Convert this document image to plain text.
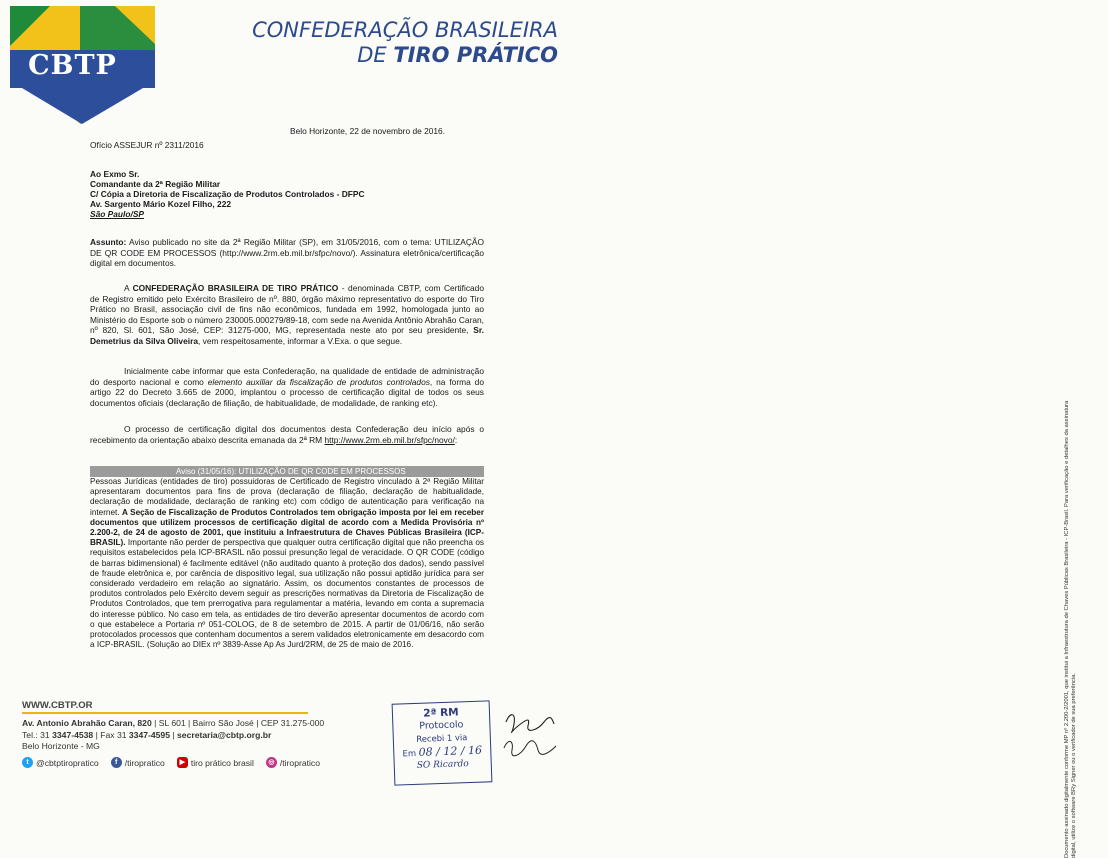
CBTP
CONFEDERAÇÃO BRASILEIRA
DE TIRO PRÁTICO
Belo Horizonte, 22 de novembro de 2016.
Ofício ASSEJUR nº 2311/2016
Ao Exmo Sr.
Comandante da 2ª Região Militar
C/ Cópia a Diretoria de Fiscalização de Produtos Controlados - DFPC
Av. Sargento Mário Kozel Filho, 222
São Paulo/SP
Assunto: Aviso publicado no site da 2ª Região Militar (SP), em 31/05/2016, com o tema: UTILIZAÇÃO DE QR CODE EM PROCESSOS (http://www.2rm.eb.mil.br/sfpc/novo/). Assinatura eletrônica/certificação digital em documentos.
A CONFEDERAÇÃO BRASILEIRA DE TIRO PRÁTICO - denominada CBTP, com Certificado de Registro emitido pelo Exército Brasileiro de nº. 880, órgão máximo representativo do esporte do Tiro Prático no Brasil, associação civil de fins não econômicos, fundada em 1992, homologada junto ao Ministério do Esporte sob o número 230005.000279/89-18, com sede na Avenida Antônio Abrahão Caran, nº 820, Sl. 601, São José, CEP: 31275-000, MG, representada neste ato por seu presidente, Sr. Demetrius da Silva Oliveira, vem respeitosamente, informar a V.Exa. o que segue.
Inicialmente cabe informar que esta Confederação, na qualidade de entidade de administração do desporto nacional e como elemento auxiliar da fiscalização de produtos controlados, na forma do artigo 22 do Decreto 3.665 de 2000, implantou o processo de certificação digital de todos os seus documentos oficiais (declaração de filiação, de habitualidade, de modalidade, de ranking etc).
O processo de certificação digital dos documentos desta Confederação deu início após o recebimento da orientação abaixo descrita emanada da 2ª RM http://www.2rm.eb.mil.br/sfpc/novo/:
Aviso (31/05/16): UTILIZAÇÃO DE QR CODE EM PROCESSOS
Pessoas Jurídicas (entidades de tiro) possuidoras de Certificado de Registro vinculado à 2ª Região Militar apresentaram documentos para fins de prova (declaração de filiação, declaração de habitualidade, declaração de modalidade, declaração de ranking etc) com código de autenticação para verificação na internet. A Seção de Fiscalização de Produtos Controlados tem obrigação imposta por lei em receber documentos que utilizem processos de certificação digital de acordo com a Medida Provisória nº 2.200-2, de 24 de agosto de 2001, que instituiu a Infraestrutura de Chaves Públicas Brasileira (ICP-BRASIL). Importante não perder de perspectiva que qualquer outra certificação digital que não preencha os requisitos estabelecidos pela ICP-BRASIL não possui presunção legal de veracidade. O QR CODE (código de barras bidimensional) é facilmente editável (não auditado quanto à proteção dos dados), sendo passível de fraude eletrônica e, por carência de dispositivo legal, sua utilização não possui aptidão jurídica para ser considerado verdadeiro em relação ao signatário. Assim, os documentos constantes de processos de produtos controlados pelo Exército devem seguir as prescrições normativas da Diretoria de Fiscalização de Produtos Controlados, que tem prerrogativa para regulamentar a matéria, levando em conta a supremacia do interesse público. No caso em tela, as entidades de tiro deverão apresentar documentos de acordo com o que estabelece a Portaria nº 051-COLOG, de 8 de setembro de 2015. A partir de 01/06/16, não serão protocolados processos que contenham documentos a serem validados eletronicamente em desacordo com a ICP-BRASIL. (Solução ao DIEx nº 3839-Asse Ap As Jurd/2RM, de 25 de maio de 2016.
WWW.CBTP.OR
Av. Antonio Abrahão Caran, 820 | SL 601 | Bairro São José | CEP 31.275-000
Tel.: 31 3347-4538 | Fax 31 3347-4595 | secretaria@cbtp.org.br
Belo Horizonte - MG
t @cbtptiropratico	f /tiropratico	▶ tiro prático brasil	◎ /tiropratico
2ª RM
Protocolo
Recebi 1 via
Em 08 / 12 / 16
SO Ricardo	Documento assinado digitalmente conforme MP nº 2.200-2/2001, que institui a Infraestrutura de Chaves Públicas Brasileira - ICP-Brasil. Para verificação e detalhes da assinatura digital, utilize o software BRy Signer ou o verificador de sua preferência.
